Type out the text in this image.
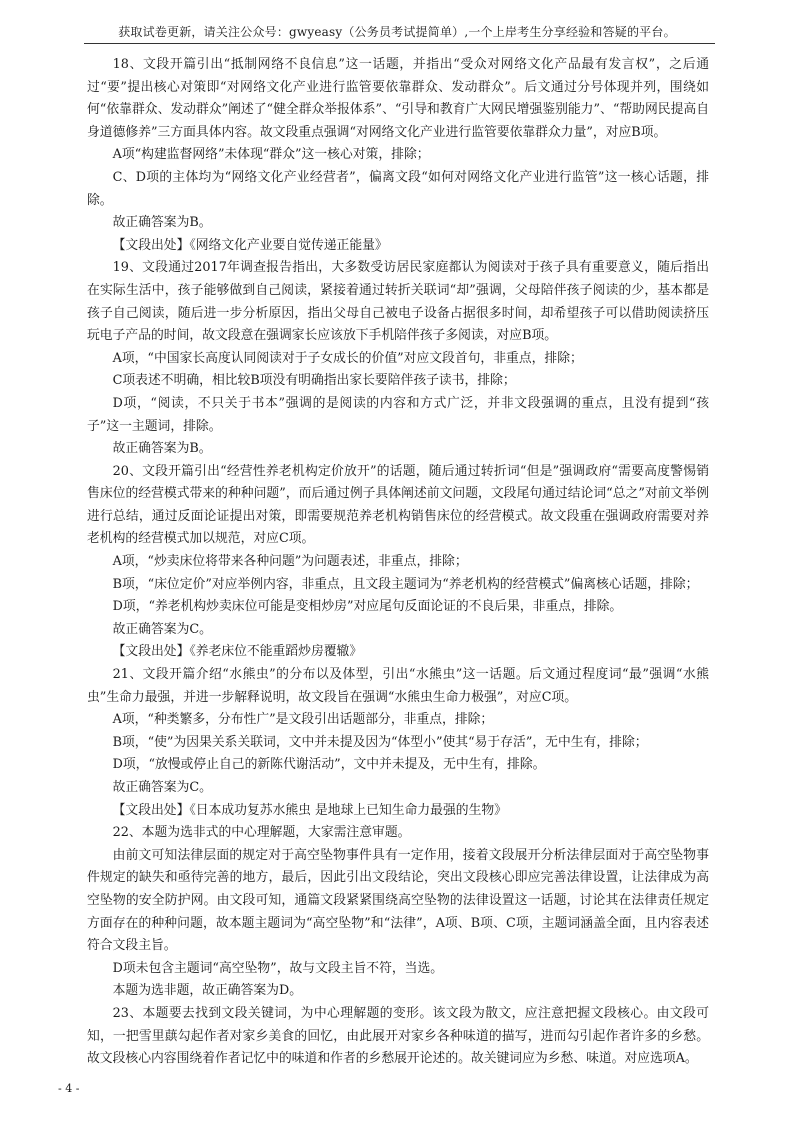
获取试卷更新，请关注公众号：gwyeasy（公务员考试提简单）,一个上岸考生分享经验和答疑的平台。

18、文段开篇引出“抵制网络不良信息”这一话题，并指出“受众对网络文化产品最有发言权”，之后通过“要”提出核心对策即“对网络文化产业进行监管要依靠群众、发动群众”。后文通过分号体现并列，围绕如何“依靠群众、发动群众”阐述了“健全群众举报体系”、“引导和教育广大网民增强鉴别能力”、“帮助网民提高自身道德修养”三方面具体内容。故文段重点强调“对网络文化产业进行监管要依靠群众力量”，对应B项。

A项“构建监督网络”未体现“群众”这一核心对策，排除；

C、D项的主体均为“网络文化产业经营者”，偏离文段“如何对网络文化产业进行监管”这一核心话题，排除。

故正确答案为B。

【文段出处】《网络文化产业要自觉传递正能量》

19、文段通过2017年调查报告指出，大多数受访居民家庭都认为阅读对于孩子具有重要意义，随后指出在实际生活中，孩子能够做到自己阅读，紧接着通过转折关联词“却”强调，父母陪伴孩子阅读的少，基本都是孩子自己阅读，随后进一步分析原因，指出父母自己被电子设备占据很多时间，却希望孩子可以借助阅读挤压玩电子产品的时间，故文段意在强调家长应该放下手机陪伴孩子多阅读，对应B项。

A项，“中国家长高度认同阅读对于子女成长的价值”对应文段首句，非重点，排除；

C项表述不明确，相比较B项没有明确指出家长要陪伴孩子读书，排除；

D项，“阅读，不只关于书本”强调的是阅读的内容和方式广泛，并非文段强调的重点，且没有提到“孩子”这一主题词，排除。

故正确答案为B。

20、文段开篇引出“经营性养老机构定价放开”的话题，随后通过转折词“但是”强调政府“需要高度警惕销售床位的经营模式带来的种种问题”，而后通过例子具体阐述前文问题，文段尾句通过结论词“总之”对前文举例进行总结，通过反面论证提出对策，即需要规范养老机构销售床位的经营模式。故文段重在强调政府需要对养老机构的经营模式加以规范，对应C项。

A项，“炒卖床位将带来各种问题”为问题表述，非重点，排除；

B项，“床位定价”对应举例内容，非重点，且文段主题词为“养老机构的经营模式”偏离核心话题，排除；

D项，“养老机构炒卖床位可能是变相炒房”对应尾句反面论证的不良后果，非重点，排除。

故正确答案为C。

【文段出处】《养老床位不能重蹈炒房覆辙》

21、文段开篇介绍“水熊虫”的分布以及体型，引出“水熊虫”这一话题。后文通过程度词“最”强调“水熊虫”生命力最强，并进一步解释说明，故文段旨在强调“水熊虫生命力极强”，对应C项。

A项，“种类繁多，分布性广”是文段引出话题部分，非重点，排除；

B项，“使”为因果关系关联词，文中并未提及因为“体型小”使其“易于存活”，无中生有，排除；

D项，“放慢或停止自己的新陈代谢活动”，文中并未提及，无中生有，排除。

故正确答案为C。

【文段出处】《日本成功复苏水熊虫 是地球上已知生命力最强的生物》

22、本题为选非式的中心理解题，大家需注意审题。

由前文可知法律层面的规定对于高空坠物事件具有一定作用，接着文段展开分析法律层面对于高空坠物事件规定的缺失和亟待完善的地方，最后，因此引出文段结论，突出文段核心即应完善法律设置，让法律成为高空坠物的安全防护网。由文段可知，通篇文段紧紧围绕高空坠物的法律设置这一话题，讨论其在法律责任规定方面存在的种种问题，故本题主题词为“高空坠物”和“法律”，A项、B项、C项，主题词涵盖全面，且内容表述符合文段主旨。

D项未包含主题词“高空坠物”，故与文段主旨不符，当选。

本题为选非题，故正确答案为D。

23、本题要去找到文段关键词，为中心理解题的变形。该文段为散文，应注意把握文段核心。由文段可知，一把雪里蕻勾起作者对家乡美食的回忆，由此展开对家乡各种味道的描写，进而勾引起作者许多的乡愁。故文段核心内容围绕着作者记忆中的味道和作者的乡愁展开论述的。故关键词应为乡愁、味道。对应选项A。

- 4 -
